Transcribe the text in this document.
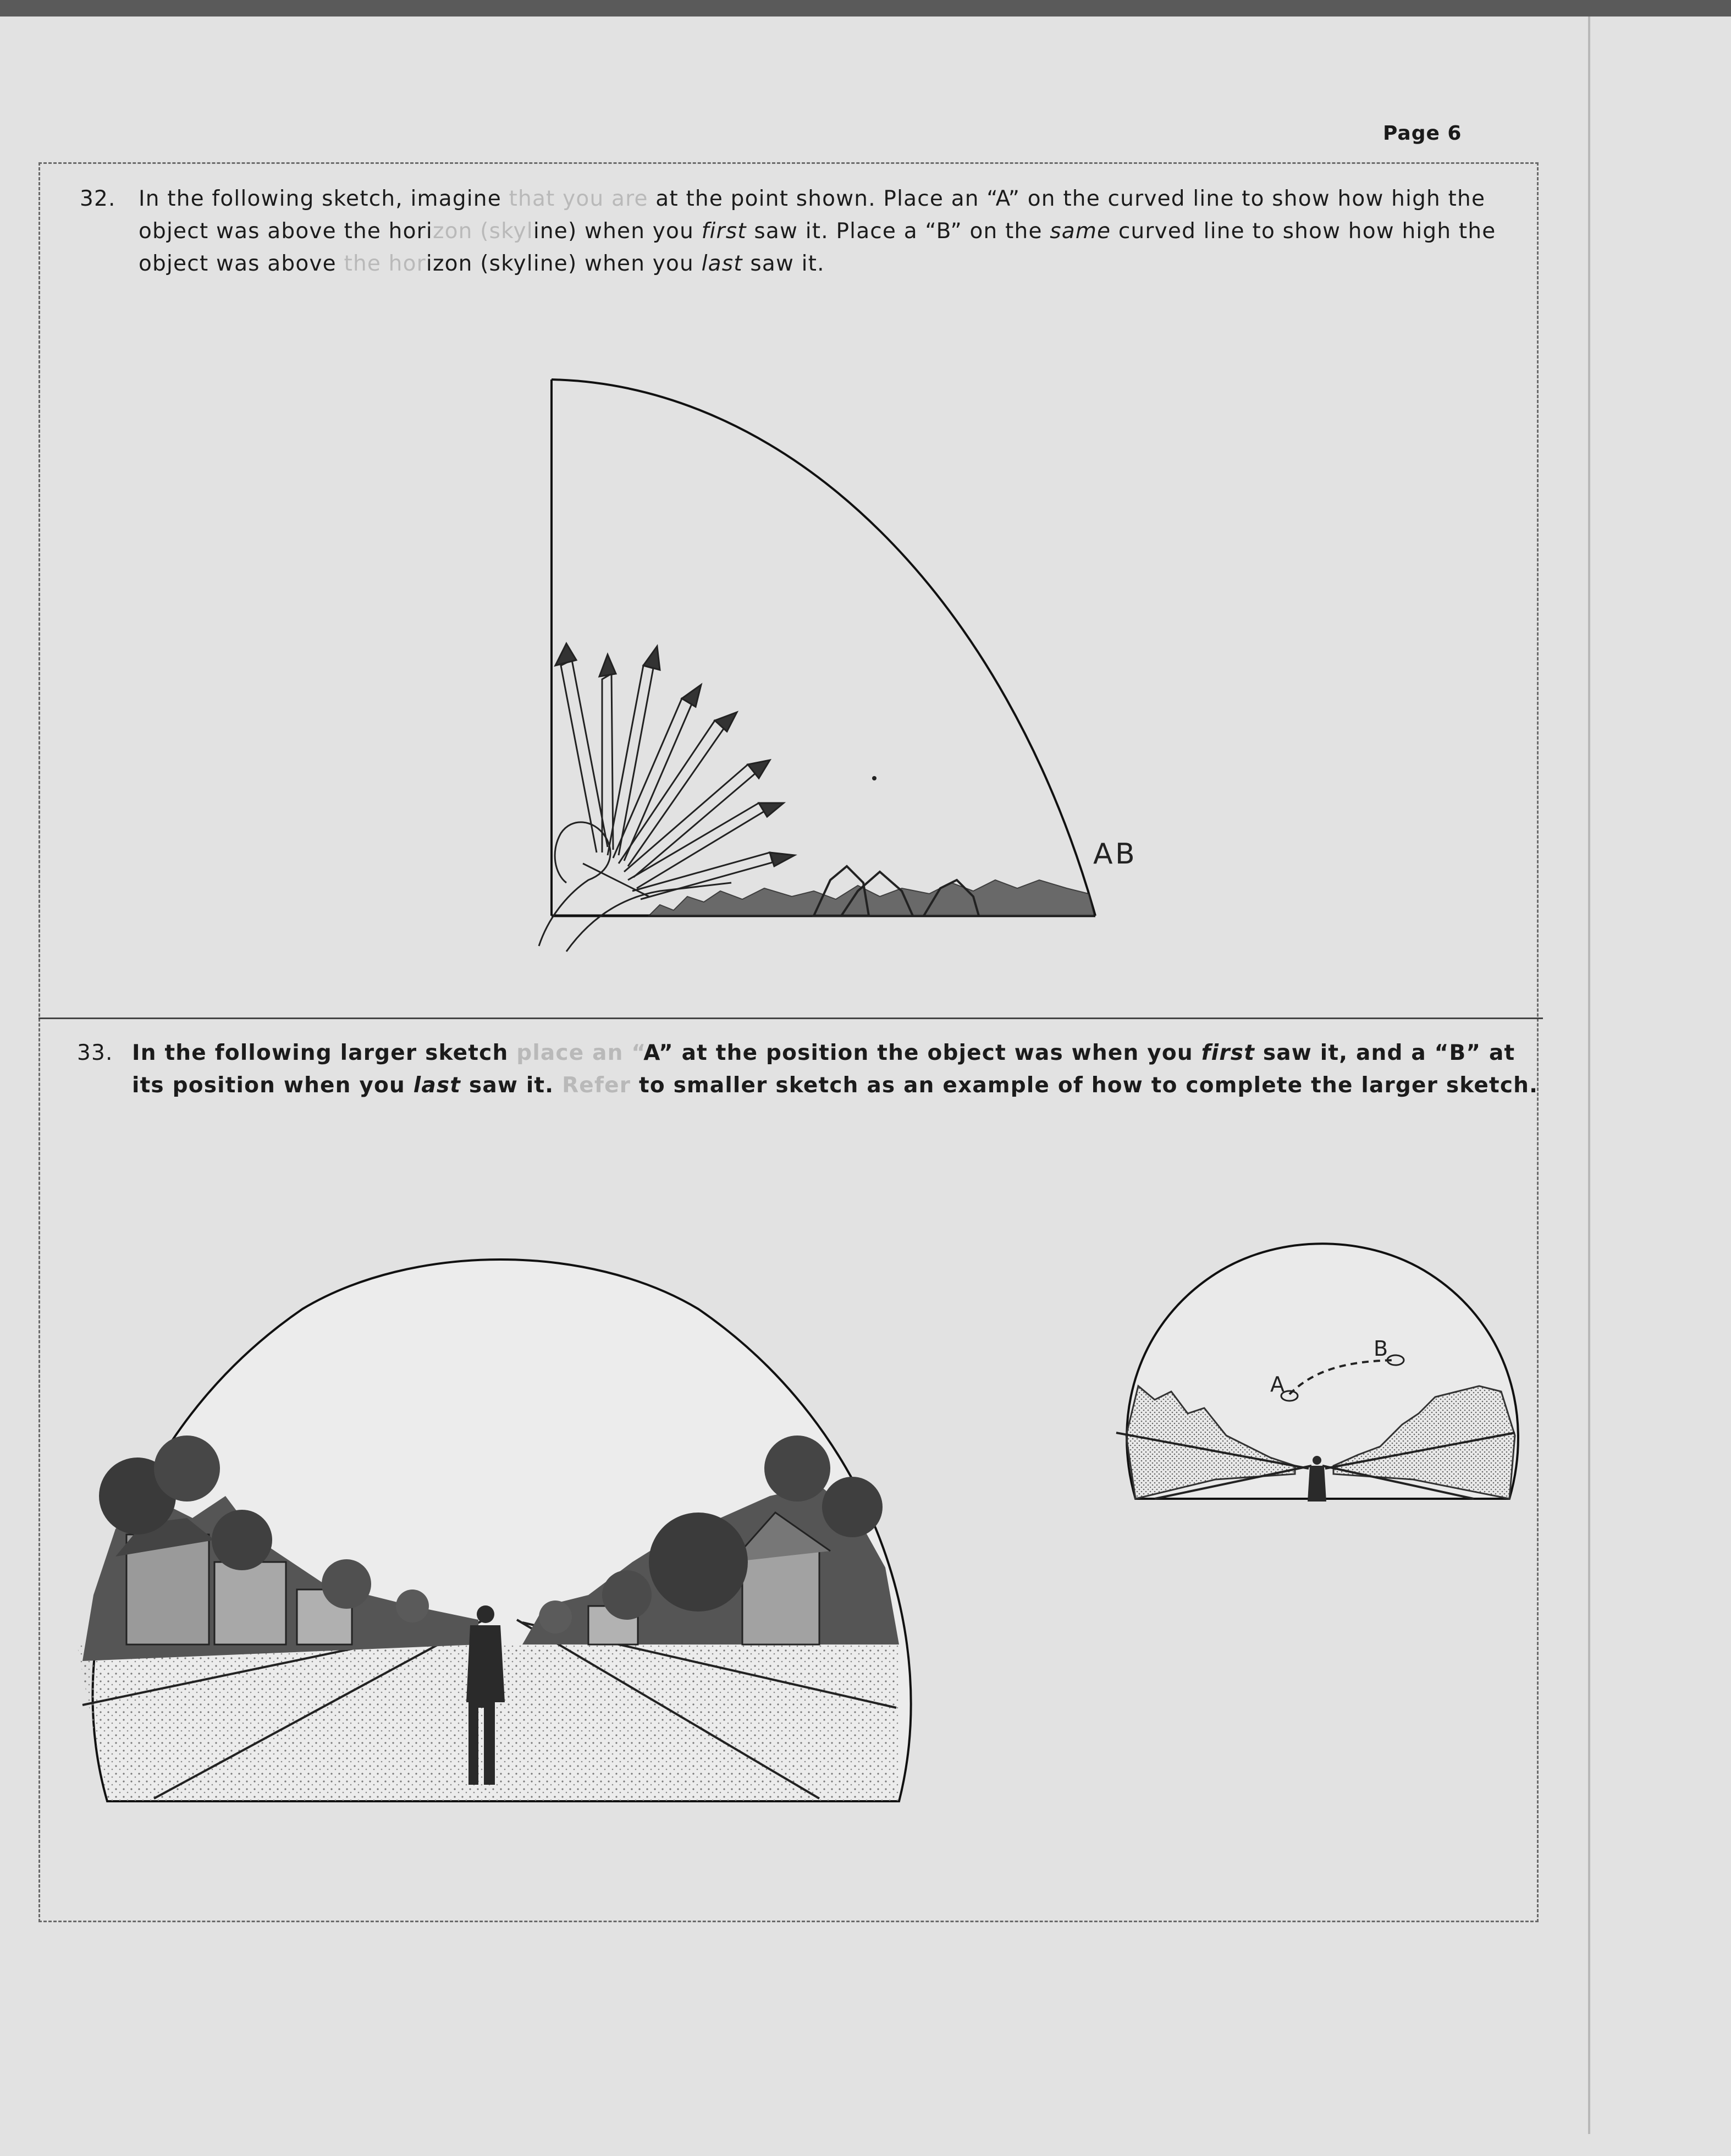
Page 6
32. In the following sketch, imagine that you are at the point shown. Place an “A” on the curved line to show how high the object was above the horizon (skyline) when you first saw it. Place a “B” on the same curved line to show how high the object was above the horizon (skyline) when you last saw it.
A B
33. In the following larger sketch place an “A” at the position the object was when you first saw it, and a “B” at its position when you last saw it. Refer to smaller sketch as an example of how to complete the larger sketch.
A
B
